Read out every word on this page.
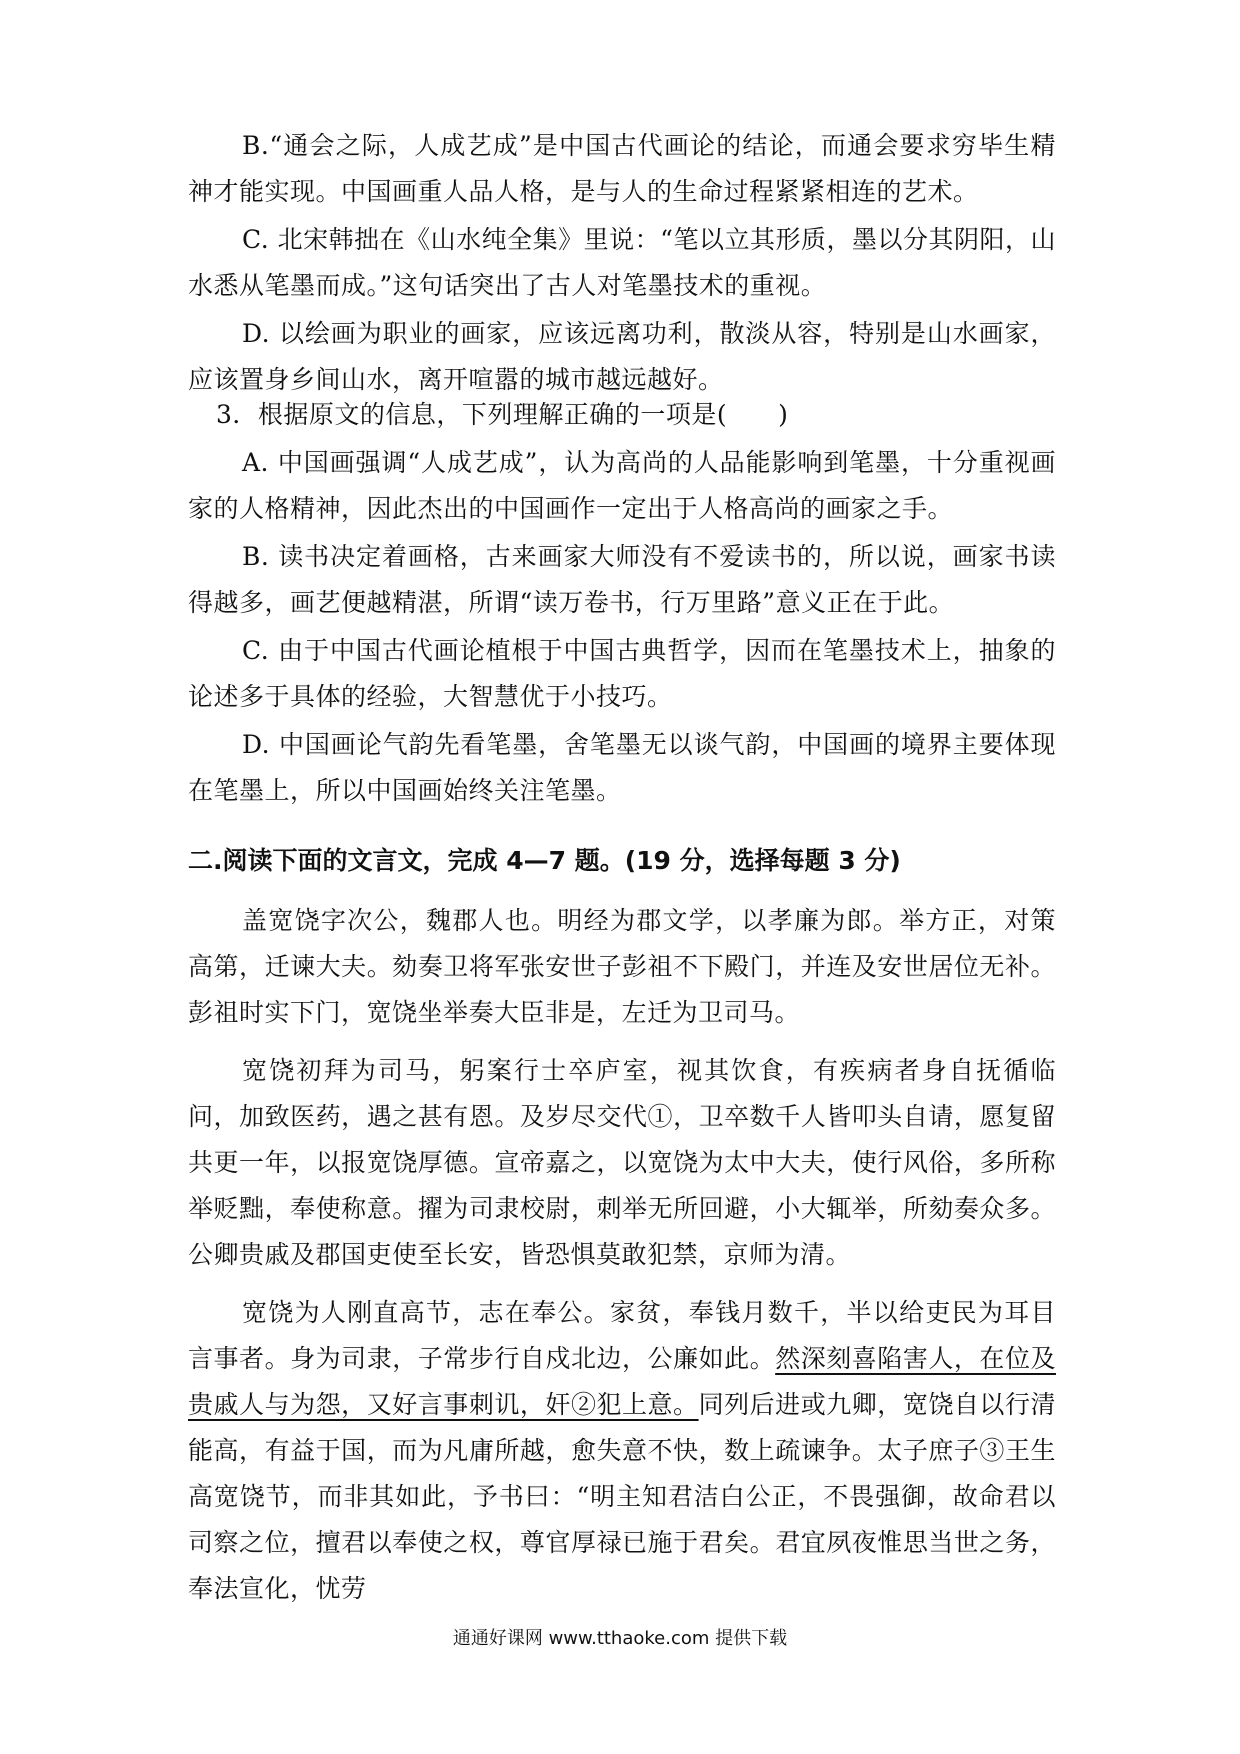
B.“通会之际，人成艺成”是中国古代画论的结论，而通会要求穷毕生精神才能实现。中国画重人品人格，是与人的生命过程紧紧相连的艺术。

C. 北宋韩拙在《山水纯全集》里说：“笔以立其形质，墨以分其阴阳，山水悉从笔墨而成。”这句话突出了古人对笔墨技术的重视。

D. 以绘画为职业的画家，应该远离功利，散淡从容，特别是山水画家，应该置身乡间山水，离开喧嚣的城市越远越好。

3．根据原文的信息，下列理解正确的一项是(　　)

A. 中国画强调“人成艺成”，认为高尚的人品能影响到笔墨，十分重视画家的人格精神，因此杰出的中国画作一定出于人格高尚的画家之手。

B. 读书决定着画格，古来画家大师没有不爱读书的，所以说，画家书读得越多，画艺便越精湛，所谓“读万卷书，行万里路”意义正在于此。

C. 由于中国古代画论植根于中国古典哲学，因而在笔墨技术上，抽象的论述多于具体的经验，大智慧优于小技巧。

D. 中国画论气韵先看笔墨，舍笔墨无以谈气韵，中国画的境界主要体现在笔墨上，所以中国画始终关注笔墨。

二.阅读下面的文言文，完成 4—7 题。(19 分，选择每题 3 分)

盖宽饶字次公，魏郡人也。明经为郡文学，以孝廉为郎。举方正，对策高第，迁谏大夫。劾奏卫将军张安世子彭祖不下殿门，并连及安世居位无补。彭祖时实下门，宽饶坐举奏大臣非是，左迁为卫司马。

宽饶初拜为司马，躬案行士卒庐室，视其饮食，有疾病者身自抚循临问，加致医药，遇之甚有恩。及岁尽交代①，卫卒数千人皆叩头自请，愿复留共更一年，以报宽饶厚德。宣帝嘉之，以宽饶为太中大夫，使行风俗，多所称举贬黜，奉使称意。擢为司隶校尉，刺举无所回避，小大辄举，所劾奏众多。公卿贵戚及郡国吏使至长安，皆恐惧莫敢犯禁，京师为清。

宽饶为人刚直高节，志在奉公。家贫，奉钱月数千，半以给吏民为耳目言事者。身为司隶，子常步行自戍北边，公廉如此。然深刻喜陷害人，在位及贵戚人与为怨，又好言事刺讥，奸②犯上意。同列后进或九卿，宽饶自以行清能高，有益于国，而为凡庸所越，愈失意不快，数上疏谏争。太子庶子③王生高宽饶节，而非其如此，予书曰：“明主知君洁白公正，不畏强御，故命君以司察之位，擅君以奉使之权，尊官厚禄已施于君矣。君宜夙夜惟思当世之务，奉法宣化，忧劳

通通好课网 www.tthaoke.com 提供下载
